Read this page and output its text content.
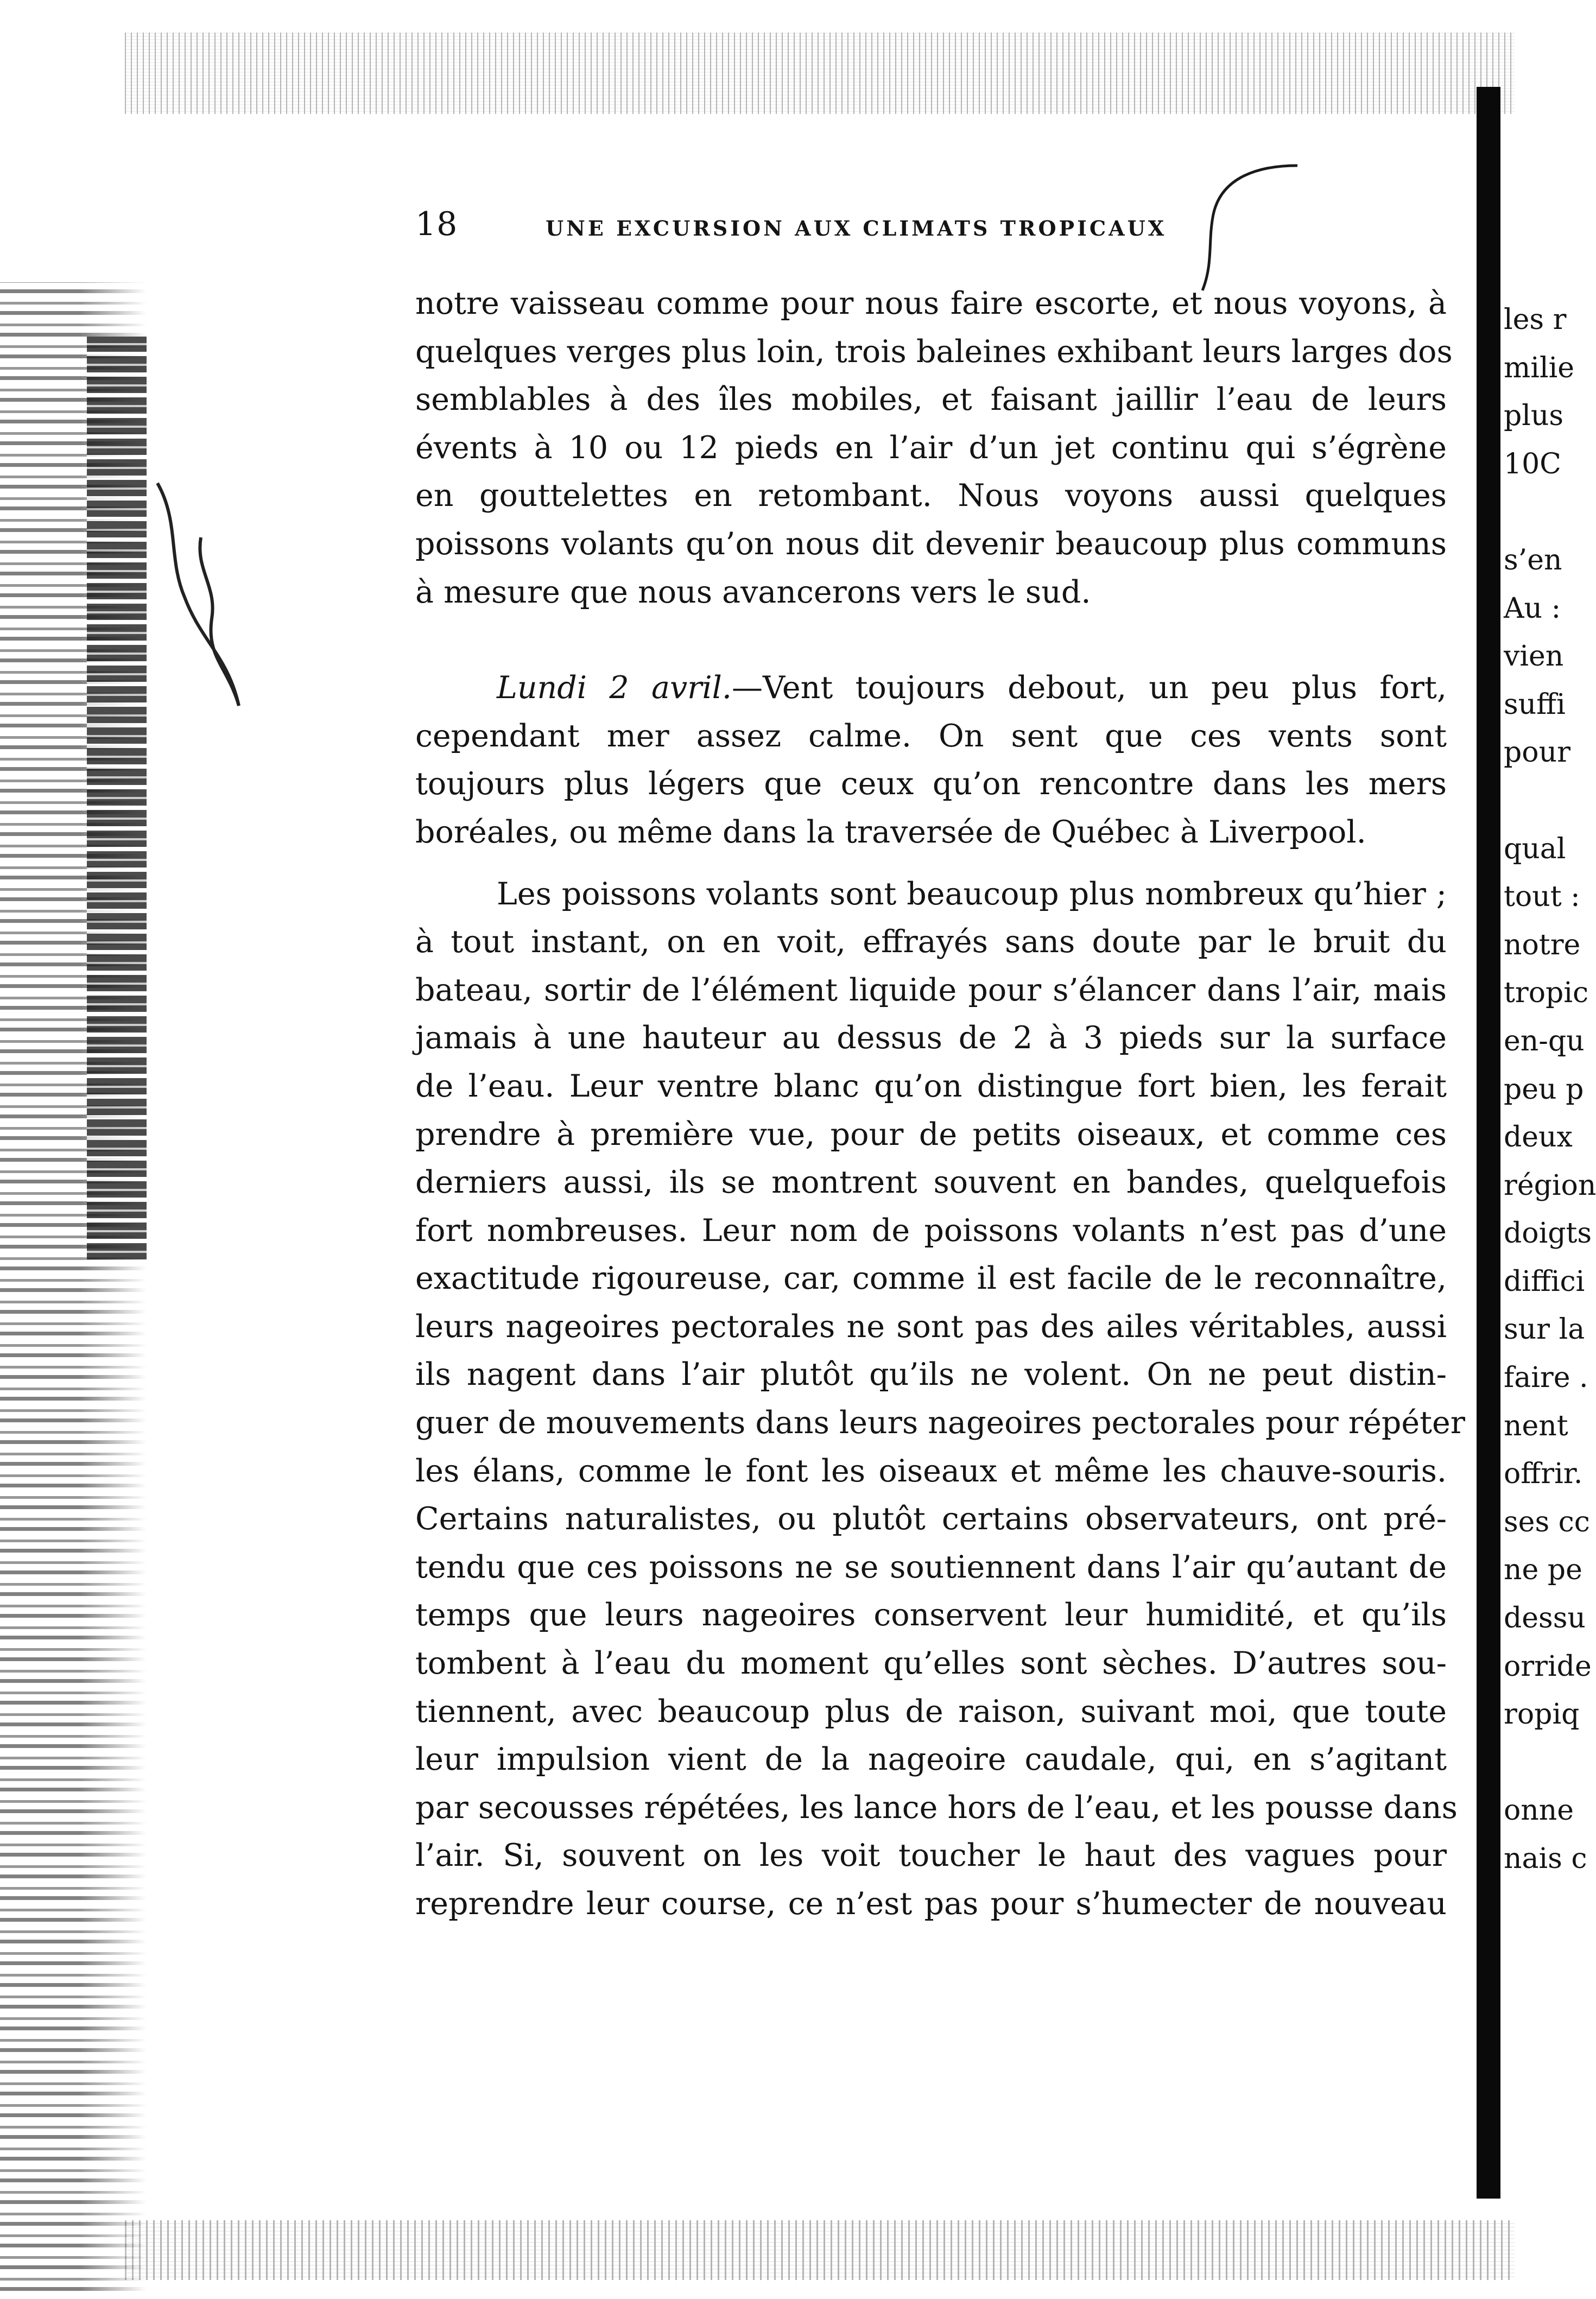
18	UNE EXCURSION AUX CLIMATS TROPICAUX
notre vaisseau comme pour nous faire escorte, et nous voyons, à
quelques verges plus loin, trois baleines exhibant leurs larges dos
semblables à des îles mobiles, et faisant jaillir l’eau de leurs
évents à 10 ou 12 pieds en l’air d’un jet continu qui s’égrène
en gouttelettes en retombant. Nous voyons aussi quelques
poissons volants qu’on nous dit devenir beaucoup plus communs
à mesure que nous avancerons vers le sud.
Lundi 2 avril.—Vent toujours debout, un peu plus fort,
cependant mer assez calme. On sent que ces vents sont
toujours plus légers que ceux qu’on rencontre dans les mers
boréales, ou même dans la traversée de Québec à Liverpool.
Les poissons volants sont beaucoup plus nombreux qu’hier ;
à tout instant, on en voit, effrayés sans doute par le bruit du
bateau, sortir de l’élément liquide pour s’élancer dans l’air, mais
jamais à une hauteur au dessus de 2 à 3 pieds sur la surface
de l’eau. Leur ventre blanc qu’on distingue fort bien, les ferait
prendre à première vue, pour de petits oiseaux, et comme ces
derniers aussi, ils se montrent souvent en bandes, quelquefois
fort nombreuses. Leur nom de poissons volants n’est pas d’une
exactitude rigoureuse, car, comme il est facile de le reconnaître,
leurs nageoires pectorales ne sont pas des ailes véritables, aussi
ils nagent dans l’air plutôt qu’ils ne volent. On ne peut distin-
guer de mouvements dans leurs nageoires pectorales pour répéter
les élans, comme le font les oiseaux et même les chauve-souris.
Certains naturalistes, ou plutôt certains observateurs, ont pré-
tendu que ces poissons ne se soutiennent dans l’air qu’autant de
temps que leurs nageoires conservent leur humidité, et qu’ils
tombent à l’eau du moment qu’elles sont sèches. D’autres sou-
tiennent, avec beaucoup plus de raison, suivant moi, que toute
leur impulsion vient de la nageoire caudale, qui, en s’agitant
par secousses répétées, les lance hors de l’eau, et les pousse dans
l’air. Si, souvent on les voit toucher le haut des vagues pour
reprendre leur course, ce n’est pas pour s’humecter de nouveau
les r
milie
plus
10C
s’en
Au :
vien
suffi
pour
qual
tout :
notre
tropic
en-qu
peu p
deux
région
doigts
diffici
sur la
faire .
nent
offrir.
ses cc
ne pe
dessu
orride
ropiq
onne
nais c
